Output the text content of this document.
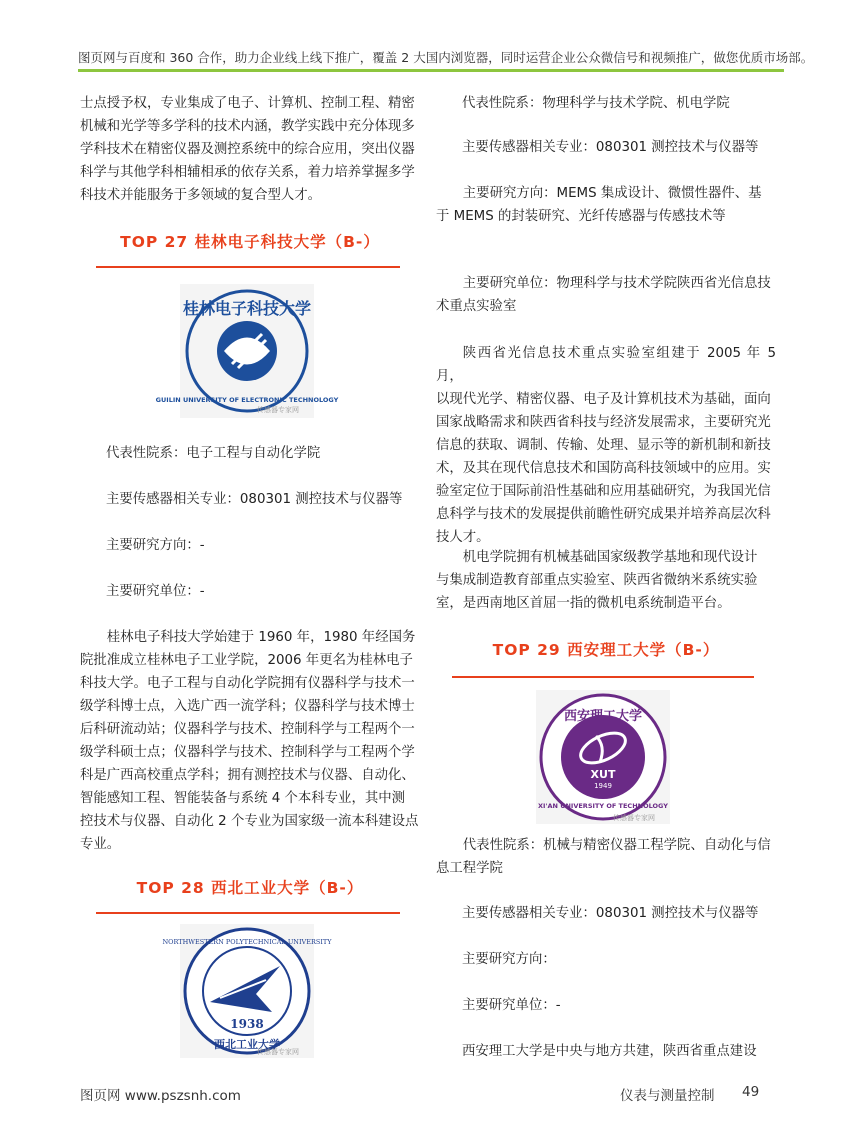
图页网与百度和 360 合作，助力企业线上线下推广，覆盖 2 大国内浏览器，同时运营企业公众微信号和视频推广，做您优质市场部。
士点授予权，专业集成了电子、计算机、控制工程、精密
机械和光学等多学科的技术内涵，教学实践中充分体现多
学科技术在精密仪器及测控系统中的综合应用，突出仪器
科学与其他学科相辅相承的依存关系，着力培养掌握多学
科技术并能服务于多领域的复合型人才。
TOP 27 桂林电子科技大学（B-）
桂林电子科技大学
GUILIN UNIVERSITY OF ELECTRONIC TECHNOLOGY
传感器专家网
代表性院系：电子工程与自动化学院
主要传感器相关专业：080301 测控技术与仪器等
主要研究方向：-
主要研究单位：-
桂林电子科技大学始建于 1960 年，1980 年经国务
院批准成立桂林电子工业学院，2006 年更名为桂林电子
科技大学。电子工程与自动化学院拥有仪器科学与技术一
级学科博士点，入选广西一流学科；仪器科学与技术博士
后科研流动站；仪器科学与技术、控制科学与工程两个一
级学科硕士点；仪器科学与技术、控制科学与工程两个学
科是广西高校重点学科；拥有测控技术与仪器、自动化、
智能感知工程、智能装备与系统 4 个本科专业，其中测
控技术与仪器、自动化 2 个专业为国家级一流本科建设点
专业。
TOP 28 西北工业大学（B-）
NORTHWESTERN POLYTECHNICAL UNIVERSITY
1938
西北工业大学
传感器专家网
代表性院系：物理科学与技术学院、机电学院
主要传感器相关专业：080301 测控技术与仪器等
主要研究方向：MEMS 集成设计、微惯性器件、基
于 MEMS 的封装研究、光纤传感器与传感技术等
主要研究单位：物理科学与技术学院陕西省光信息技
术重点实验室
陕西省光信息技术重点实验室组建于 2005 年 5 月，
以现代光学、精密仪器、电子及计算机技术为基础，面向
国家战略需求和陕西省科技与经济发展需求，主要研究光
信息的获取、调制、传输、处理、显示等的新机制和新技
术，及其在现代信息技术和国防高科技领域中的应用。实
验室定位于国际前沿性基础和应用基础研究，为我国光信
息科学与技术的发展提供前瞻性研究成果并培养高层次科
技人才。
机电学院拥有机械基础国家级教学基地和现代设计
与集成制造教育部重点实验室、陕西省微纳米系统实验
室，是西南地区首屈一指的微机电系统制造平台。
TOP 29 西安理工大学（B-）
西安理工大学
XUT
1949
XI'AN UNIVERSITY OF TECHNOLOGY
传感器专家网
代表性院系：机械与精密仪器工程学院、自动化与信
息工程学院
主要传感器相关专业：080301 测控技术与仪器等
主要研究方向：
主要研究单位：-
西安理工大学是中央与地方共建，陕西省重点建设
图页网 www.pszsnh.com	仪表与测量控制 49
